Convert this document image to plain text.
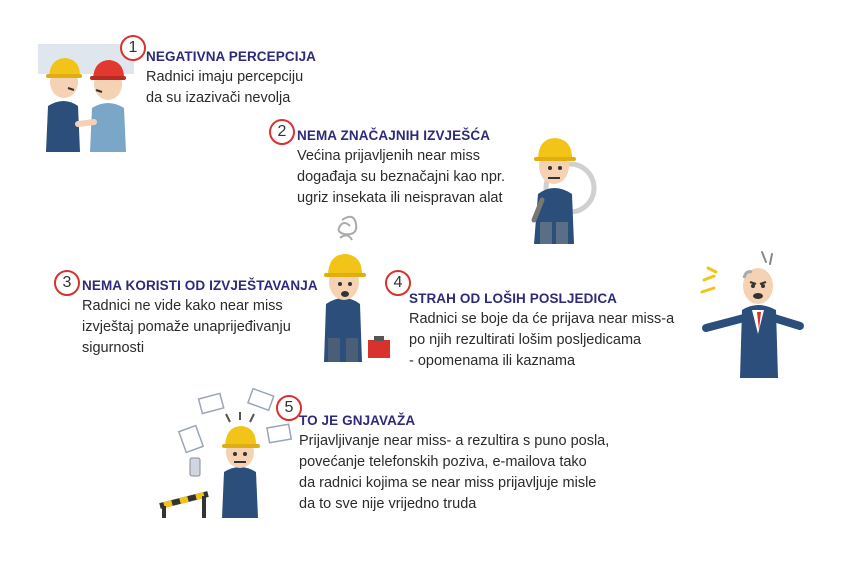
1
NEGATIVNA PERCEPCIJA
Radnici imaju percepciju
da su izazivači nevolja
2 NEMA ZNAČAJNIH IZVJEŠĆA
Većina prijavljenih near miss
događaja su beznačajni kao npr.
ugriz insekata ili neispravan alat
3 NEMA KORISTI OD IZVJEŠTAVANJA
Radnici ne vide kako near miss
izvještaj pomaže unaprijeđivanju
sigurnosti
4
STRAH OD LOŠIH POSLJEDICA
Radnici se boje da će prijava near miss-a
po njih rezultirati lošim posljedicama
- opomenama ili kaznama
5
TO JE GNJAVAŽA
Prijavljivanje near miss- a rezultira s puno posla,
povećanje telefonskih poziva, e-mailova tako
da radnici kojima se near miss prijavljuje misle
da to sve nije vrijedno truda
